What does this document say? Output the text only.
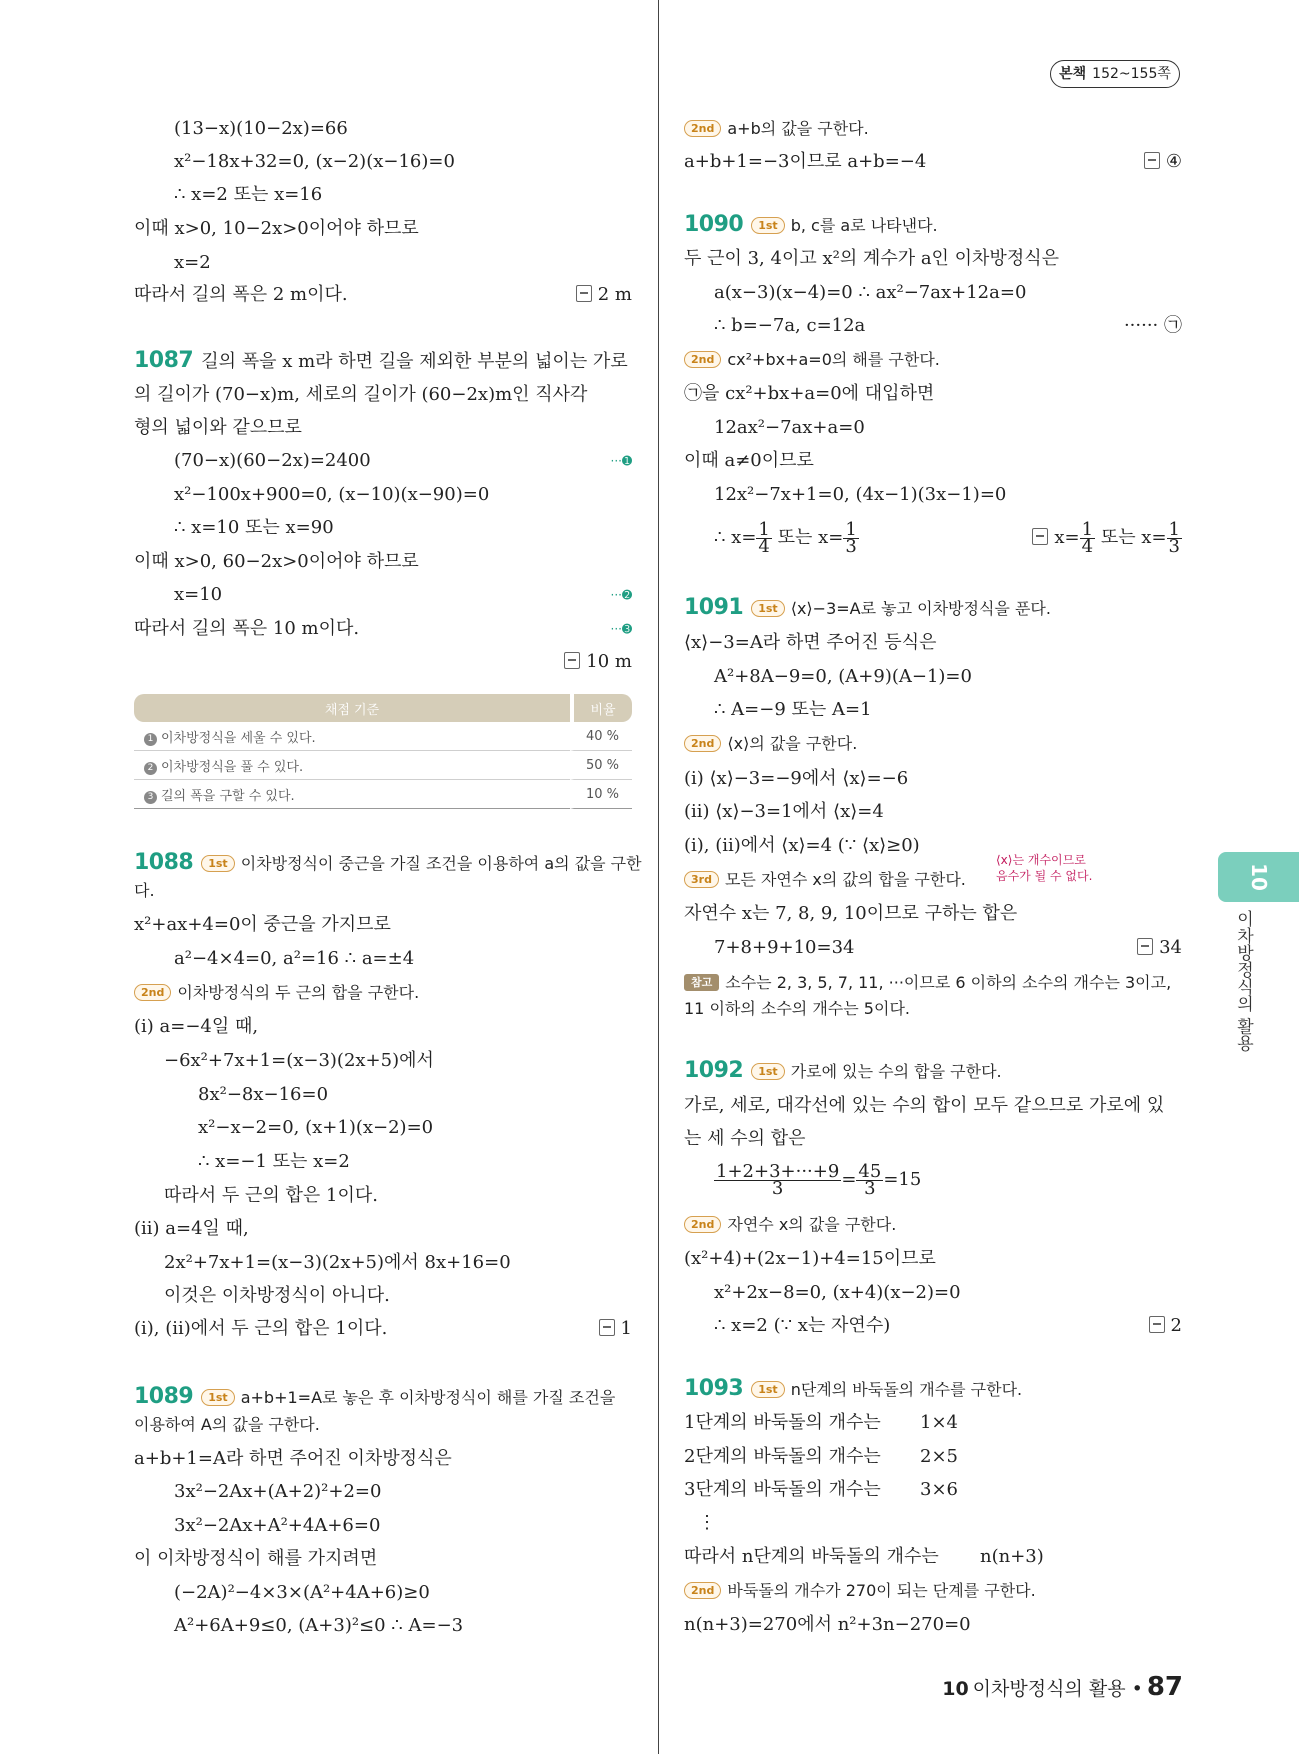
본책 152~155쪽
10
이차방정식의 활용
(13−x)(10−2x)=66
x²−18x+32=0, (x−2)(x−16)=0
∴ x=2 또는 x=16
이때 x>0, 10−2x>0이어야 하므로
x=2
따라서 길의 폭은 2 m이다.	2 m
1087 길의 폭을 x m라 하면 길을 제외한 부분의 넓이는 가로
의 길이가 (70−x)m, 세로의 길이가 (60−2x)m인 직사각
형의 넓이와 같으므로
(70−x)(60−2x)=2400	···➊
x²−100x+900=0, (x−10)(x−90)=0
∴ x=10 또는 x=90
이때 x>0, 60−2x>0이어야 하므로
x=10	···➋
따라서 길의 폭은 10 m이다.	···➌
10 m
채점 기준	비율
1 이차방정식을 세울 수 있다.	40 %
2 이차방정식을 풀 수 있다.	50 %
3 길의 폭을 구할 수 있다.	10 %
1088 1st 이차방정식이 중근을 가질 조건을 이용하여 a의 값을 구한
다.
x²+ax+4=0이 중근을 가지므로
a²−4×4=0, a²=16 ∴ a=±4
2nd 이차방정식의 두 근의 합을 구한다.
(i) a=−4일 때,
−6x²+7x+1=(x−3)(2x+5)에서
8x²−8x−16=0
x²−x−2=0, (x+1)(x−2)=0
∴ x=−1 또는 x=2
따라서 두 근의 합은 1이다.
(ii) a=4일 때,
2x²+7x+1=(x−3)(2x+5)에서 8x+16=0
이것은 이차방정식이 아니다.
(i), (ii)에서 두 근의 합은 1이다.	1
1089 1st a+b+1=A로 놓은 후 이차방정식이 해를 가질 조건을
이용하여 A의 값을 구한다.
a+b+1=A라 하면 주어진 이차방정식은
3x²−2Ax+(A+2)²+2=0
3x²−2Ax+A²+4A+6=0
이 이차방정식이 해를 가지려면
(−2A)²−4×3×(A²+4A+6)≥0
A²+6A+9≤0, (A+3)²≤0 ∴ A=−3
2nd a+b의 값을 구한다.
a+b+1=−3이므로 a+b=−4	④
1090 1st b, c를 a로 나타낸다.
두 근이 3, 4이고 x²의 계수가 a인 이차방정식은
a(x−3)(x−4)=0 ∴ ax²−7ax+12a=0
∴ b=−7a, c=12a	······ ㉠
2nd cx²+bx+a=0의 해를 구한다.
㉠을 cx²+bx+a=0에 대입하면
12ax²−7ax+a=0
이때 a≠0이므로
12x²−7x+1=0, (4x−1)(3x−1)=0
∴ $x= \frac{1}{4}$ 또는 $x= \frac{1}{3}$	$x= \frac{1}{4}$ 또는 $x= \frac{1}{3}$
1091 1st ⟨x⟩−3=A로 놓고 이차방정식을 푼다.
⟨x⟩−3=A라 하면 주어진 등식은
A²+8A−9=0, (A+9)(A−1)=0
∴ A=−9 또는 A=1
2nd ⟨x⟩의 값을 구한다.
(i) ⟨x⟩−3=−9에서 ⟨x⟩=−6
(ii) ⟨x⟩−3=1에서 ⟨x⟩=4
(i), (ii)에서 ⟨x⟩=4 (∵ ⟨x⟩≥0)
⟨x⟩는 개수이므로
음수가 될 수 없다.
3rd 모든 자연수 x의 값의 합을 구한다.
자연수 x는 7, 8, 9, 10이므로 구하는 합은
7+8+9+10=34	34
참고 소수는 2, 3, 5, 7, 11, ···이므로 6 이하의 소수의 개수는 3이고,
11 이하의 소수의 개수는 5이다.
1092 1st 가로에 있는 수의 합을 구한다.
가로, 세로, 대각선에 있는 수의 합이 모두 같으므로 가로에 있
는 세 수의 합은
$\frac{1+2+3+\cdot\cdot\cdot+9}{3} = \frac{45}{3} =15$
2nd 자연수 x의 값을 구한다.
(x²+4)+(2x−1)+4=15이므로
x²+2x−8=0, (x+4)(x−2)=0
∴ x=2 (∵ x는 자연수)	2
1093 1st n단계의 바둑돌의 개수를 구한다.
1단계의 바둑돌의 개수는 1×4
2단계의 바둑돌의 개수는 2×5
3단계의 바둑돌의 개수는 3×6
⋮
따라서 n단계의 바둑돌의 개수는 n(n+3)
2nd 바둑돌의 개수가 270이 되는 단계를 구한다.
n(n+3)=270에서 n²+3n−270=0
10 이차방정식의 활용 • 87
